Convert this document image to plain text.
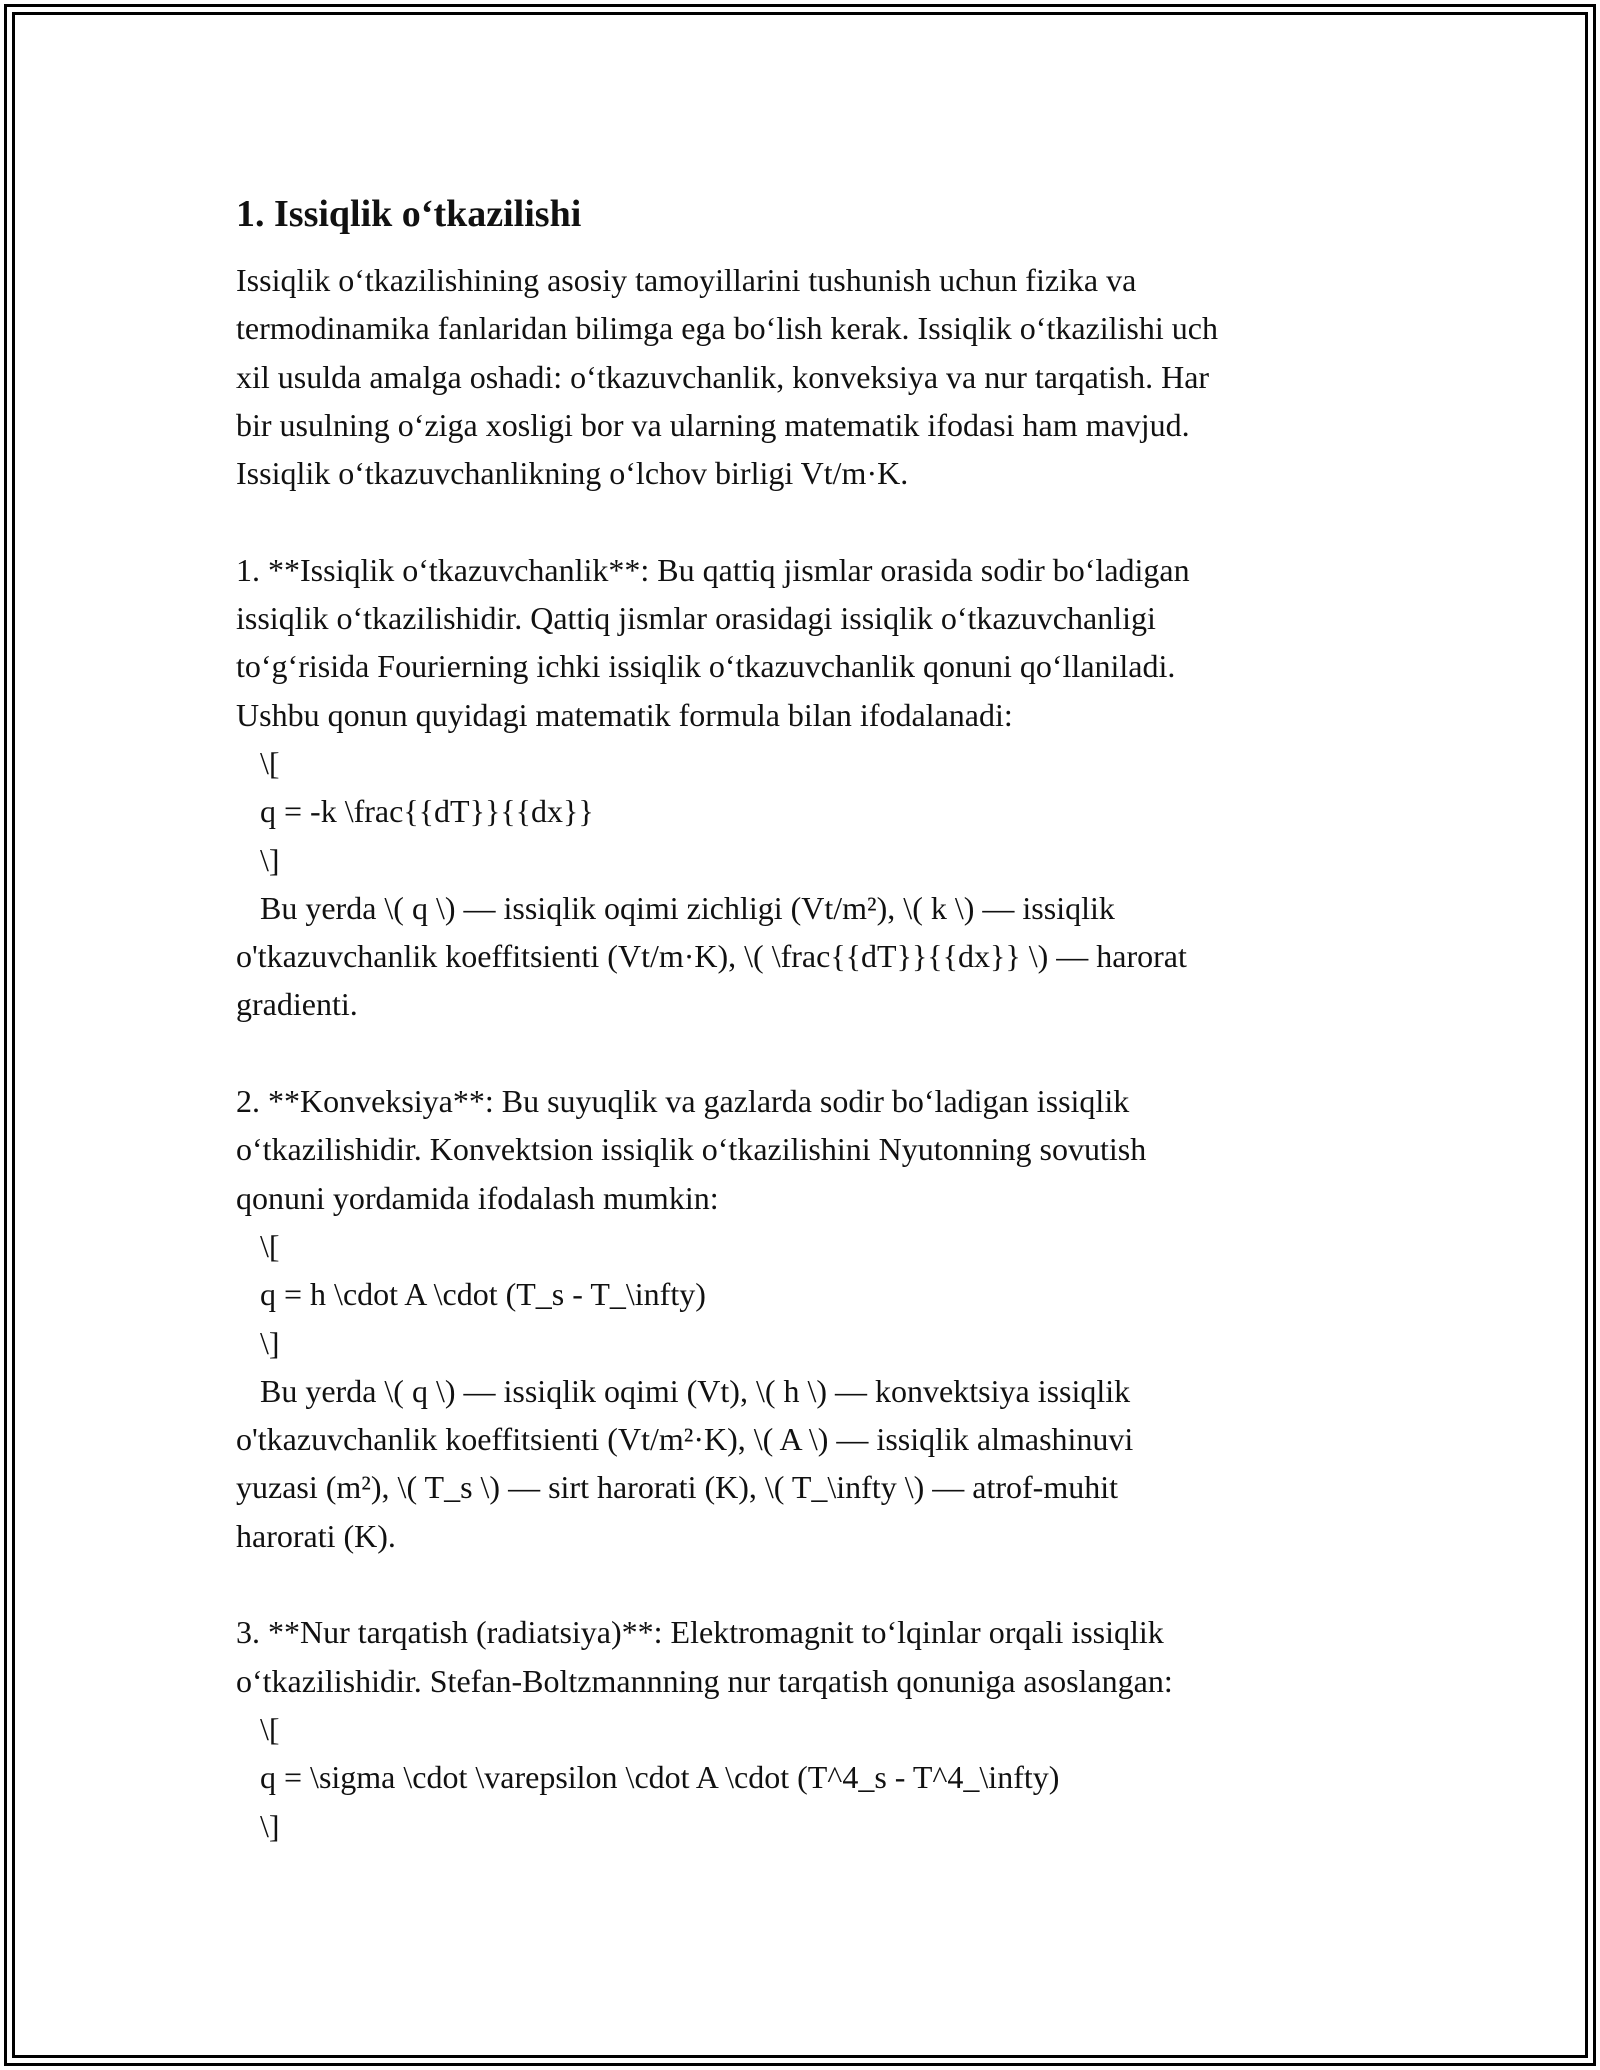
1. Issiqlik o‘tkazilishi
Issiqlik o‘tkazilishining asosiy tamoyillarini tushunish uchun fizika va
termodinamika fanlaridan bilimga ega bo‘lish kerak. Issiqlik o‘tkazilishi uch
xil usulda amalga oshadi: o‘tkazuvchanlik, konveksiya va nur tarqatish. Har
bir usulning o‘ziga xosligi bor va ularning matematik ifodasi ham mavjud.
Issiqlik o‘tkazuvchanlikning o‘lchov birligi Vt/m·K.

1. **Issiqlik o‘tkazuvchanlik**: Bu qattiq jismlar orasida sodir bo‘ladigan
issiqlik o‘tkazilishidir. Qattiq jismlar orasidagi issiqlik o‘tkazuvchanligi
to‘g‘risida Fourierning ichki issiqlik o‘tkazuvchanlik qonuni qo‘llaniladi.
Ushbu qonun quyidagi matematik formula bilan ifodalanadi:
\[
q = -k \frac{{dT}}{{dx}}
\]
Bu yerda \( q \) — issiqlik oqimi zichligi (Vt/m²), \( k \) — issiqlik
o'tkazuvchanlik koeffitsienti (Vt/m·K), \( \frac{{dT}}{{dx}} \) — harorat
gradienti.

2. **Konveksiya**: Bu suyuqlik va gazlarda sodir bo‘ladigan issiqlik
o‘tkazilishidir. Konvektsion issiqlik o‘tkazilishini Nyutonning sovutish
qonuni yordamida ifodalash mumkin:
\[
q = h \cdot A \cdot (T_s - T_\infty)
\]
Bu yerda \( q \) — issiqlik oqimi (Vt), \( h \) — konvektsiya issiqlik
o'tkazuvchanlik koeffitsienti (Vt/m²·K), \( A \) — issiqlik almashinuvi
yuzasi (m²), \( T_s \) — sirt harorati (K), \( T_\infty \) — atrof-muhit
harorati (K).

3. **Nur tarqatish (radiatsiya)**: Elektromagnit to‘lqinlar orqali issiqlik
o‘tkazilishidir. Stefan-Boltzmannning nur tarqatish qonuniga asoslangan:
\[
q = \sigma \cdot \varepsilon \cdot A \cdot (T^4_s - T^4_\infty)
\]
